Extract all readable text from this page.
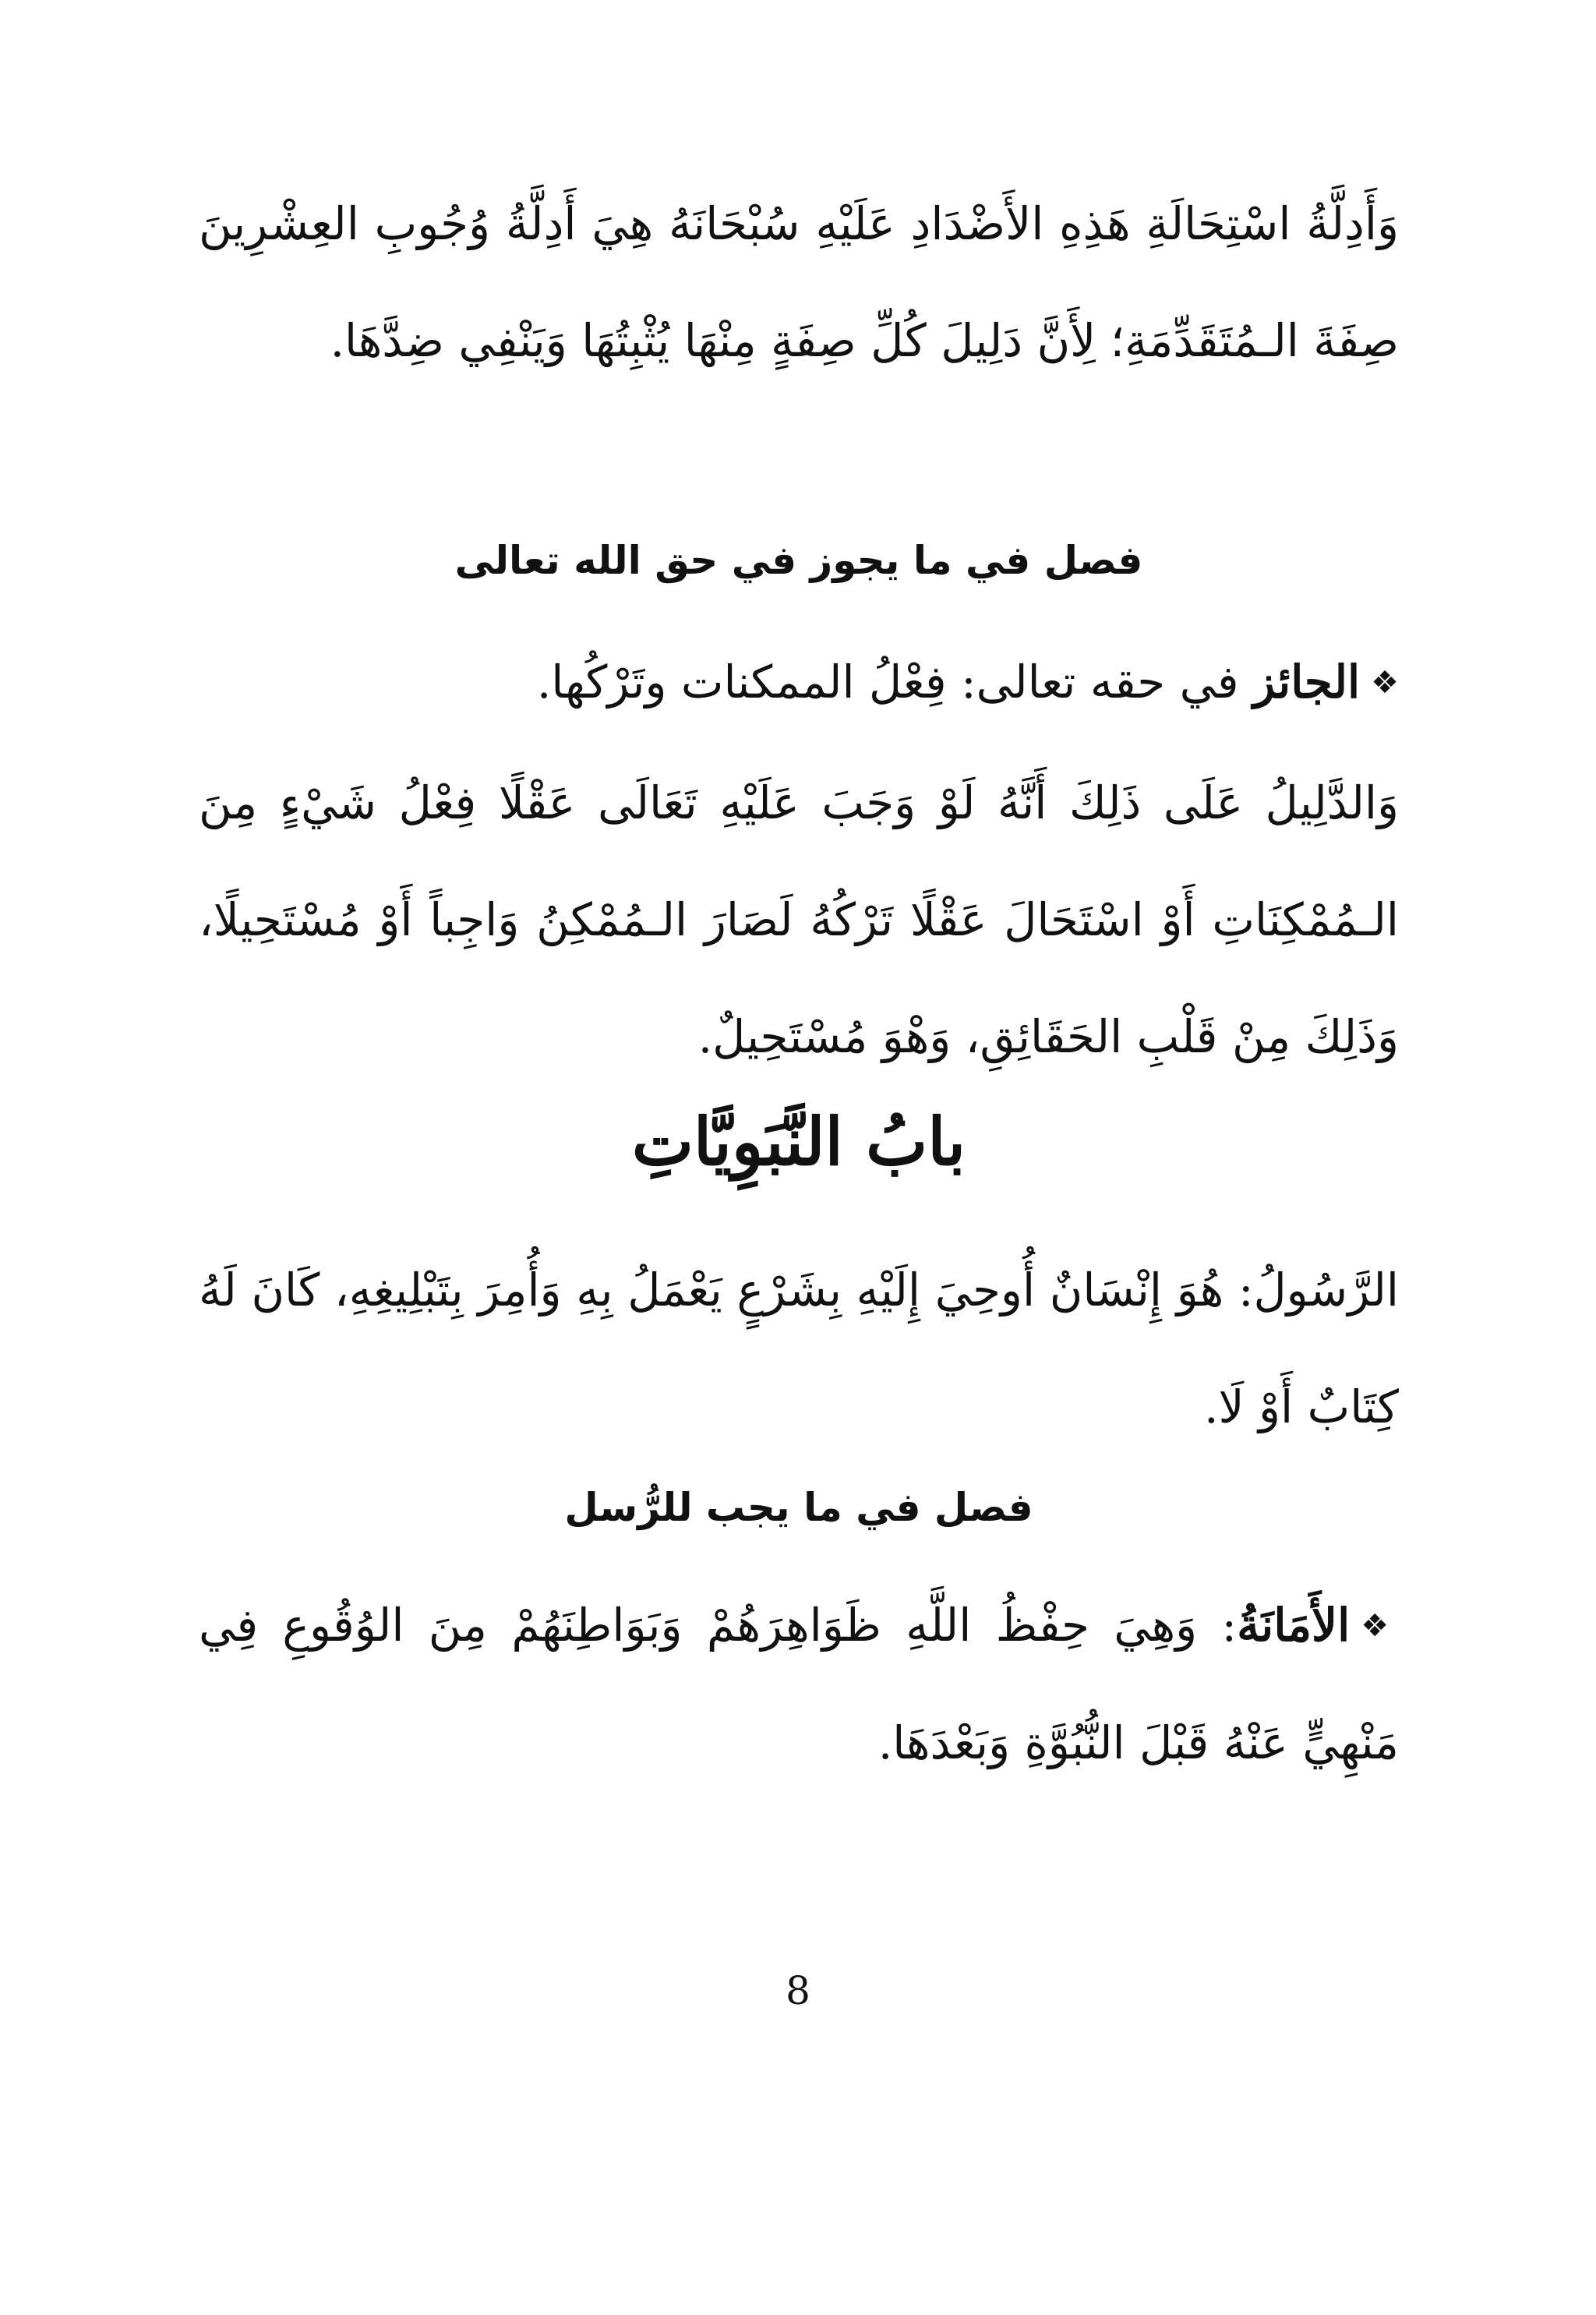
وَأَدِلَّةُ اسْتِحَالَةِ هَذِهِ الأَضْدَادِ عَلَيْهِ سُبْحَانَهُ هِيَ أَدِلَّةُ وُجُوبِ العِشْرِينَ صِفَةَ الـمُتَقَدِّمَةِ؛ لِأَنَّ دَلِيلَ كُلِّ صِفَةٍ مِنْهَا يُثْبِتُهَا وَيَنْفِي ضِدَّهَا.

فصل في ما يجوز في حق الله تعالى

❖الجائز في حقه تعالى: فِعْلُ الممكنات وتَرْكُها.

وَالدَّلِيلُ عَلَى ذَلِكَ أَنَّهُ لَوْ وَجَبَ عَلَيْهِ تَعَالَى عَقْلًا فِعْلُ شَيْءٍ مِنَ الـمُمْكِنَاتِ أَوْ اسْتَحَالَ عَقْلًا تَرْكُهُ لَصَارَ الـمُمْكِنُ وَاجِباً أَوْ مُسْتَحِيلًا، وَذَلِكَ مِنْ قَلْبِ الحَقَائِقِ، وَهْوَ مُسْتَحِيلٌ.

بابُ النَّبَوِيَّاتِ

الرَّسُولُ: هُوَ إِنْسَانٌ أُوحِيَ إِلَيْهِ بِشَرْعٍ يَعْمَلُ بِهِ وَأُمِرَ بِتَبْلِيغِهِ، كَانَ لَهُ كِتَابٌ أَوْ لَا.

فصل في ما يجب للرُّسل

❖الأَمَانَةُ: وَهِيَ حِفْظُ اللَّهِ ظَوَاهِرَهُمْ وَبَوَاطِنَهُمْ مِنَ الوُقُوعِ فِي مَنْهِيٍّ عَنْهُ قَبْلَ النُّبُوَّةِ وَبَعْدَهَا.

8
